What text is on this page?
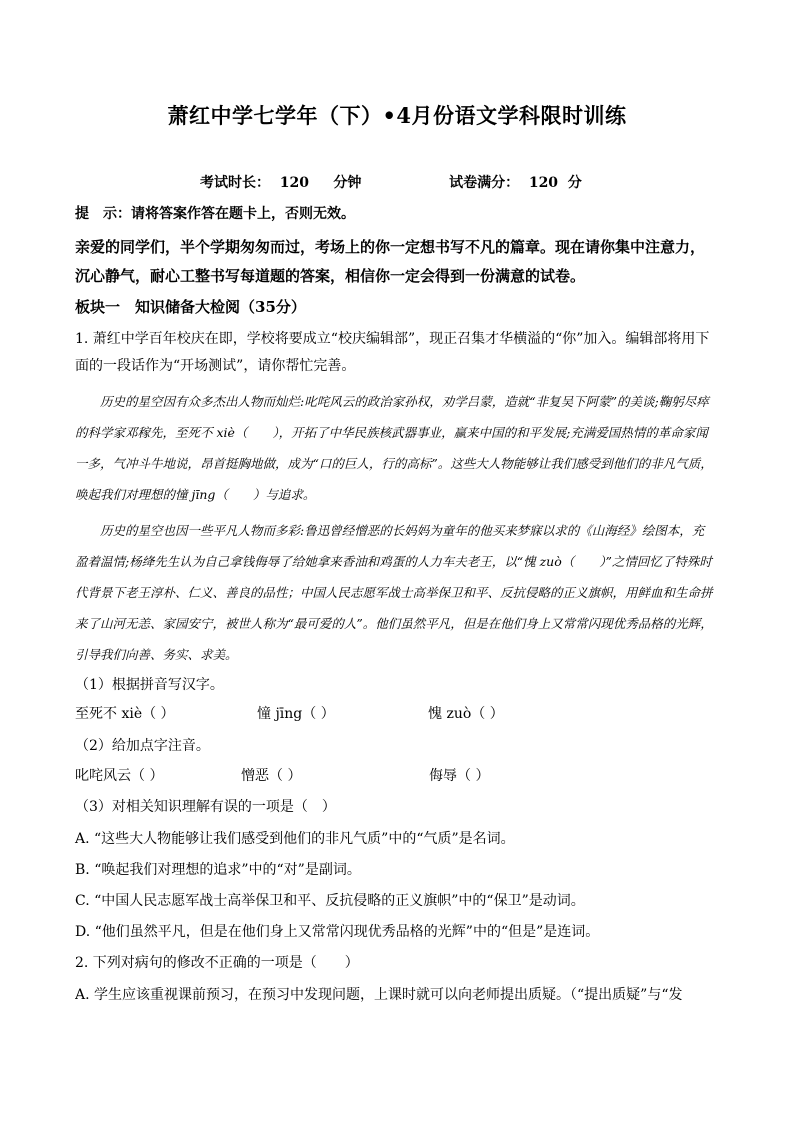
萧红中学七学年（下）•4月份语文学科限时训练
考试时长：  120     分钟                  试卷满分：  120  分
提　示：请将答案作答在题卡上，否则无效。
亲爱的同学们，半个学期匆匆而过，考场上的你一定想书写不凡的篇章。现在请你集中注意力，沉心静气，耐心工整书写每道题的答案，相信你一定会得到一份满意的试卷。
板块一　知识储备大检阅（35分）
1. 萧红中学百年校庆在即，学校将要成立“校庆编辑部”，现正召集才华横溢的“你”加入。编辑部将用下面的一段话作为“开场测试”，请你帮忙完善。
历史的星空因有众多杰出人物而灿烂:叱咤风云的政治家孙权，劝学吕蒙，造就“非复吴下阿蒙”的美谈;鞠躬尽瘁的科学家邓稼先，至死不 xiè（　　），开拓了中华民族核武器事业，赢来中国的和平发展;充满爱国热情的革命家闻一多，气冲斗牛地说，昂首挺胸地做，成为“口的巨人，行的高标”。这些大人物能够让我们感受到他们的非凡气质，唤起我们对理想的憧 jīng（　　）与追求。
历史的星空也因一些平凡人物而多彩:鲁迅曾经憎恶的长妈妈为童年的他买来梦寐以求的《山海经》绘图本，充盈着温情;杨绛先生认为自己拿钱侮辱了给她拿来香油和鸡蛋的人力车夫老王，以“愧 zuò（　　）”之情回忆了特殊时代背景下老王淳朴、仁义、善良的品性；中国人民志愿军战士高举保卫和平、反抗侵略的正义旗帜，用鲜血和生命拼来了山河无恙、家园安宁，被世人称为“最可爱的人”。他们虽然平凡，但是在他们身上又常常闪现优秀品格的光辉，引导我们向善、务实、求美。
（1）根据拼音写汉字。
至死不 xiè（ ）	憧 jīng（ ）	愧 zuò（ ）
（2）给加点字注音。
叱咤风云（ ）	憎恶（ ）	侮辱（ ）
（3）对相关知识理解有误的一项是（　）
A. “这些大人物能够让我们感受到他们的非凡气质”中的“气质”是名词。
B. “唤起我们对理想的追求”中的“对”是副词。
C. “中国人民志愿军战士高举保卫和平、反抗侵略的正义旗帜”中的“保卫”是动词。
D. “他们虽然平凡，但是在他们身上又常常闪现优秀品格的光辉”中的“但是”是连词。
2. 下列对病句的修改不正确的一项是（　　）
A. 学生应该重视课前预习，在预习中发现问题，上课时就可以向老师提出质疑。（“提出质疑”与“发
